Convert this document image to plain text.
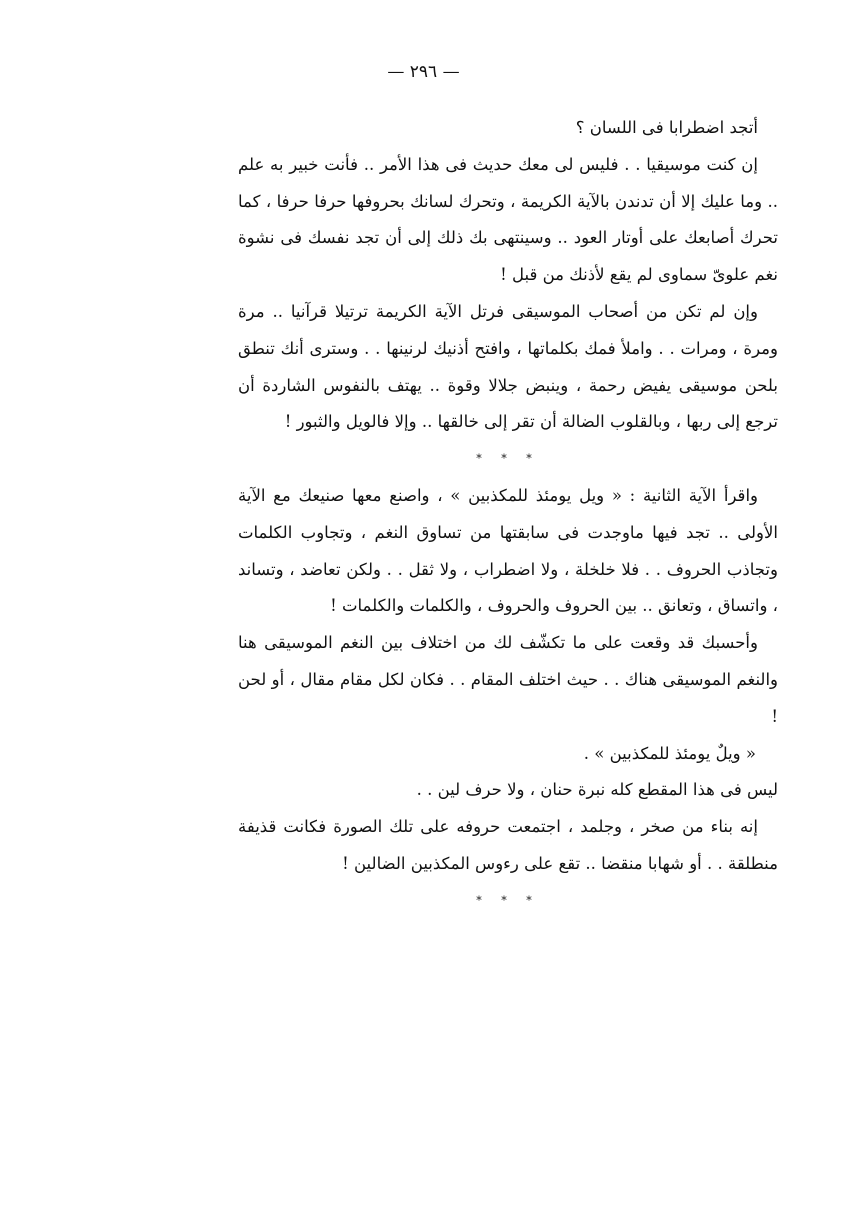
— ٢٩٦ —

أتجد اضطرابا فى اللسان ؟

إن كنت موسيقيا . . فليس لى معك حديث فى هذا الأمر .. فأنت خبير به علم .. وما عليك إلا أن تدندن بالآية الكريمة ، وتحرك لسانك بحروفها حرفا حرفا ، كما تحرك أصابعك على أوتار العود .. وسينتهى بك ذلك إلى أن تجد نفسك فى نشوة نغم علوىّ سماوى لم يقع لأذنك من قبل !

وإن لم تكن من أصحاب الموسيقى فرتل الآية الكريمة ترتيلا قرآنيا .. مرة ومرة ، ومرات . . واملأ فمك بكلماتها ، وافتح أذنيك لرنينها . . وسترى أنك تنطق بلحن موسيقى يفيض رحمة ، وينبض جلالا وقوة .. يهتف بالنفوس الشاردة أن ترجع إلى ربها ، وبالقلوب الضالة أن تقر إلى خالقها .. وإلا فالويل والثبور !

* * *

واقرأ الآية الثانية : « ويل يومئذ للمكذبين » ، واصنع معها صنيعك مع الآية الأولى .. تجد فيها ماوجدت فى سابقتها من تساوق النغم ، وتجاوب الكلمات وتجاذب الحروف . . فلا خلخلة ، ولا اضطراب ، ولا ثقل . . ولكن تعاضد ، وتساند ، واتساق ، وتعانق .. بين الحروف والحروف ، والكلمات والكلمات !

وأحسبك قد وقعت على ما تكشّف لك من اختلاف بين النغم الموسيقى هنا والنغم الموسيقى هناك . . حيث اختلف المقام . . فكان لكل مقام مقال ، أو لحن !

« ويلٌ يومئذ للمكذبين » .

ليس فى هذا المقطع كله نبرة حنان ، ولا حرف لين . .

إنه بناء من صخر ، وجلمد ، اجتمعت حروفه على تلك الصورة فكانت قذيفة منطلقة . . أو شهابا منقضا .. تقع على رءوس المكذبين الضالين !

* * *
